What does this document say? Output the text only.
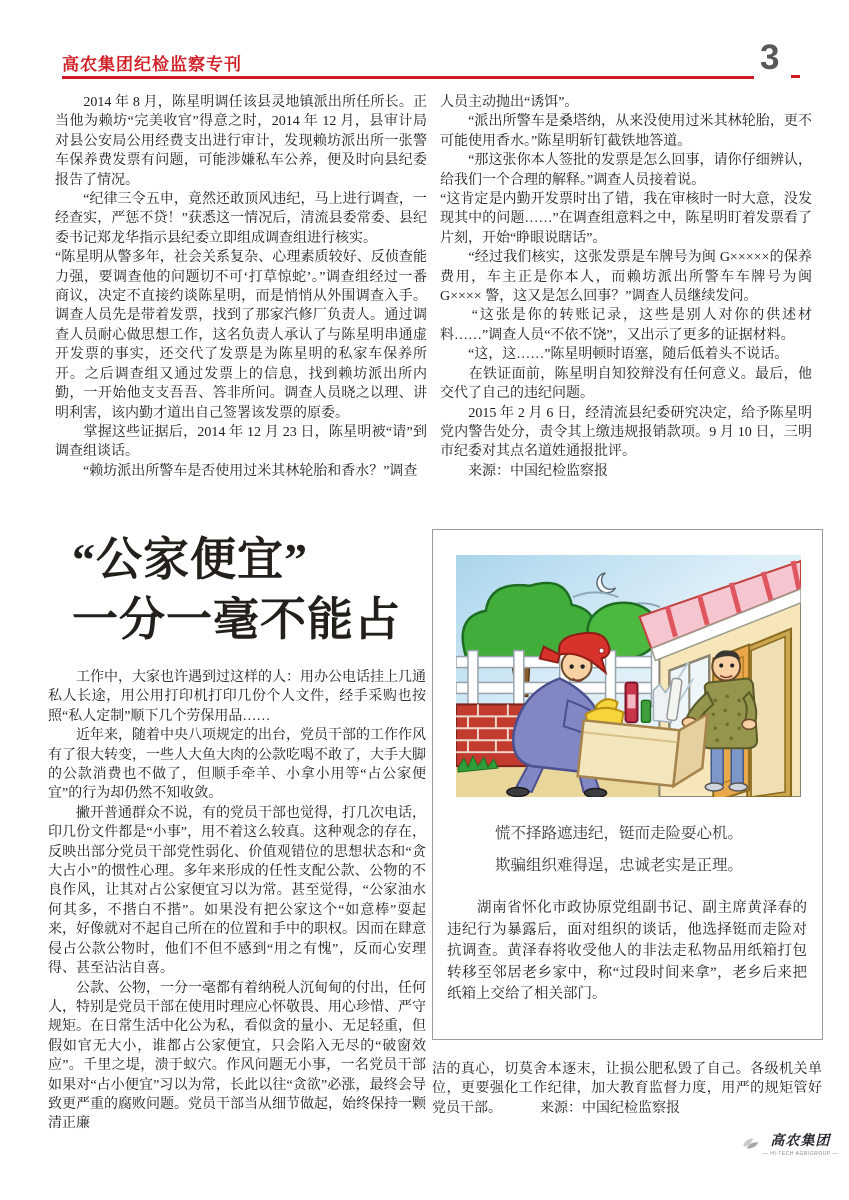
高农集团纪检监察专刊	3

　　2014 年 8 月，陈星明调任该县灵地镇派出所任所长。正当他为赖坊“完美收官”得意之时，2014 年 12 月，县审计局对县公安局公用经费支出进行审计，发现赖坊派出所一张警车保养费发票有问题，可能涉嫌私车公养，便及时向县纪委报告了情况。

　　“纪律三令五申，竟然还敢顶风违纪，马上进行调查，一经查实，严惩不贷！”获悉这一情况后，清流县委常委、县纪委书记郑龙华指示县纪委立即组成调查组进行核实。

“陈星明从警多年，社会关系复杂、心理素质较好、反侦查能力强，要调查他的问题切不可‘打草惊蛇’。”调查组经过一番商议，决定不直接约谈陈星明，而是悄悄从外围调查入手。调查人员先是带着发票，找到了那家汽修厂负责人。通过调查人员耐心做思想工作，这名负责人承认了与陈星明串通虚开发票的事实，还交代了发票是为陈星明的私家车保养所开。之后调查组又通过发票上的信息，找到赖坊派出所内勤，一开始他支支吾吾、答非所问。调查人员晓之以理、讲明利害，该内勤才道出自己签署该发票的原委。

　　掌握这些证据后，2014 年 12 月 23 日，陈星明被“请”到调查组谈话。

　　“赖坊派出所警车是否使用过米其林轮胎和香水？”调查

人员主动抛出“诱饵”。

　　“派出所警车是桑塔纳，从来没使用过米其林轮胎，更不可能使用香水。”陈星明斩钉截铁地答道。

　　“那这张你本人签批的发票是怎么回事，请你仔细辨认，给我们一个合理的解释。”调查人员接着说。

“这肯定是内勤开发票时出了错，我在审核时一时大意，没发现其中的问题……”在调查组意料之中，陈星明盯着发票看了片刻，开始“睁眼说瞎话”。

　　“经过我们核实，这张发票是车牌号为闽 G×××××的保养费用，车主正是你本人，而赖坊派出所警车车牌号为闽 G×××× 警，这又是怎么回事？”调查人员继续发问。

　　“这张是你的转账记录，这些是别人对你的供述材料……”调查人员“不依不饶”，又出示了更多的证据材料。

　　“这，这……”陈星明顿时语塞，随后低着头不说话。

　　在铁证面前，陈星明自知狡辩没有任何意义。最后，他交代了自己的违纪问题。

　　2015 年 2 月 6 日，经清流县纪委研究决定，给予陈星明党内警告处分，责令其上缴违规报销款项。9 月 10 日，三明市纪委对其点名道姓通报批评。

　　来源：中国纪检监察报

“公家便宜”
一分一毫不能占

　　工作中，大家也许遇到过这样的人：用办公电话挂上几通私人长途，用公用打印机打印几份个人文件，经手采购也按照“私人定制”顺下几个劳保用品……

　　近年来，随着中央八项规定的出台，党员干部的工作作风有了很大转变，一些人大鱼大肉的公款吃喝不敢了，大手大脚的公款消费也不做了，但顺手牵羊、小拿小用等“占公家便宜”的行为却仍然不知收敛。

　　撇开普通群众不说，有的党员干部也觉得，打几次电话，印几份文件都是“小事”，用不着这么较真。这种观念的存在，反映出部分党员干部党性弱化、价值观错位的思想状态和“贪大占小”的惯性心理。多年来形成的任性支配公款、公物的不良作风，让其对占公家便宜习以为常。甚至觉得，“公家油水何其多，不揩白不揩”。如果没有把公家这个“如意棒”耍起来，好像就对不起自己所在的位置和手中的职权。因而在肆意侵占公款公物时，他们不但不感到“用之有愧”，反而心安理得、甚至沾沾自喜。

　　公款、公物，一分一毫都有着纳税人沉甸甸的付出，任何人，特别是党员干部在使用时理应心怀敬畏、用心珍惜、严守规矩。在日常生活中化公为私，看似贪的量小、无足轻重，但假如官无大小，谁都占公家便宜，只会陷入无尽的“破窗效应”。千里之堤，溃于蚁穴。作风问题无小事，一名党员干部如果对“占小便宜”习以为常，长此以往“贪欲”必涨，最终会导致更严重的腐败问题。党员干部当从细节做起，始终保持一颗清正廉

慌不择路遮违纪，铤而走险耍心机。

欺骗组织难得逞，忠诚老实是正理。

　　湖南省怀化市政协原党组副书记、副主席黄泽春的违纪行为暴露后，面对组织的谈话，他选择铤而走险对抗调查。黄泽春将收受他人的非法走私物品用纸箱打包转移至邻居老乡家中，称“过段时间来拿”，老乡后来把纸箱上交给了相关部门。

洁的真心，切莫舍本逐末，让损公肥私毁了自己。各级机关单位，更要强化工作纪律，加大教育监督力度，用严的规矩管好党员干部。	来源：中国纪检监察报

高农集团
— HI-TECH AGRIGROUP —
